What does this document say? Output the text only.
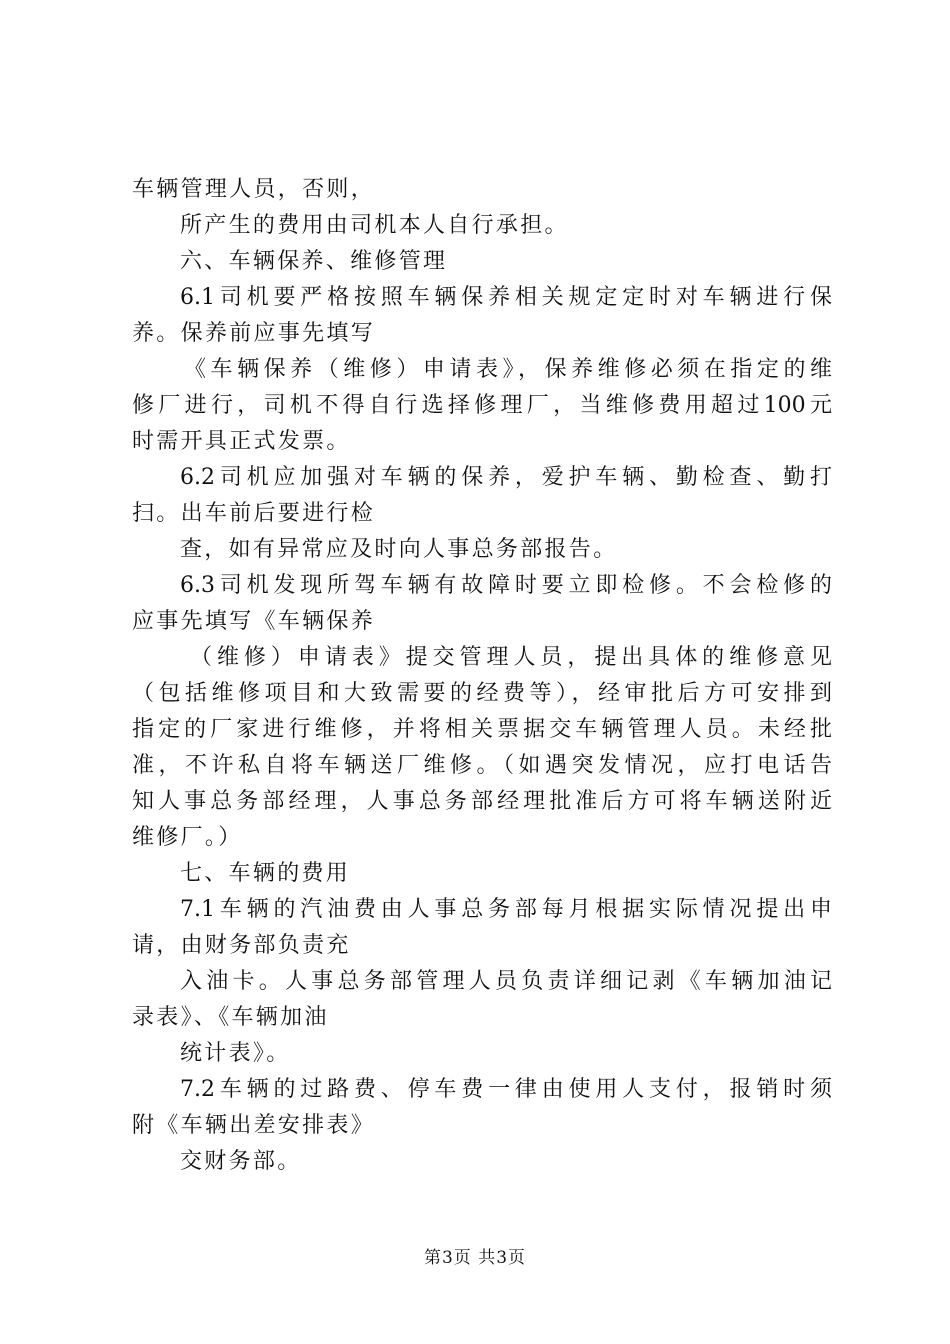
车辆管理人员，否则，
所产生的费用由司机本人自行承担。
六、车辆保养、维修管理
6.1司机要严格按照车辆保养相关规定定时对车辆进行保
养。保养前应事先填写
《车辆保养（维修）申请表》，保养维修必须在指定的维
修厂进行，司机不得自行选择修理厂，当维修费用超过100元
时需开具正式发票。
6.2司机应加强对车辆的保养，爱护车辆、勤检查、勤打
扫。出车前后要进行检
查，如有异常应及时向人事总务部报告。
6.3司机发现所驾车辆有故障时要立即检修。不会检修的
应事先填写《车辆保养
（维修）申请表》提交管理人员，提出具体的维修意见
（包括维修项目和大致需要的经费等），经审批后方可安排到
指定的厂家进行维修，并将相关票据交车辆管理人员。未经批
准，不许私自将车辆送厂维修。（如遇突发情况，应打电话告
知人事总务部经理，人事总务部经理批准后方可将车辆送附近
维修厂。）
七、车辆的费用
7.1车辆的汽油费由人事总务部每月根据实际情况提出申
请，由财务部负责充
入油卡。人事总务部管理人员负责详细记剥《车辆加油记
录表》、《车辆加油
统计表》。
7.2车辆的过路费、停车费一律由使用人支付，报销时须
附《车辆出差安排表》
交财务部。
第3页 共3页
